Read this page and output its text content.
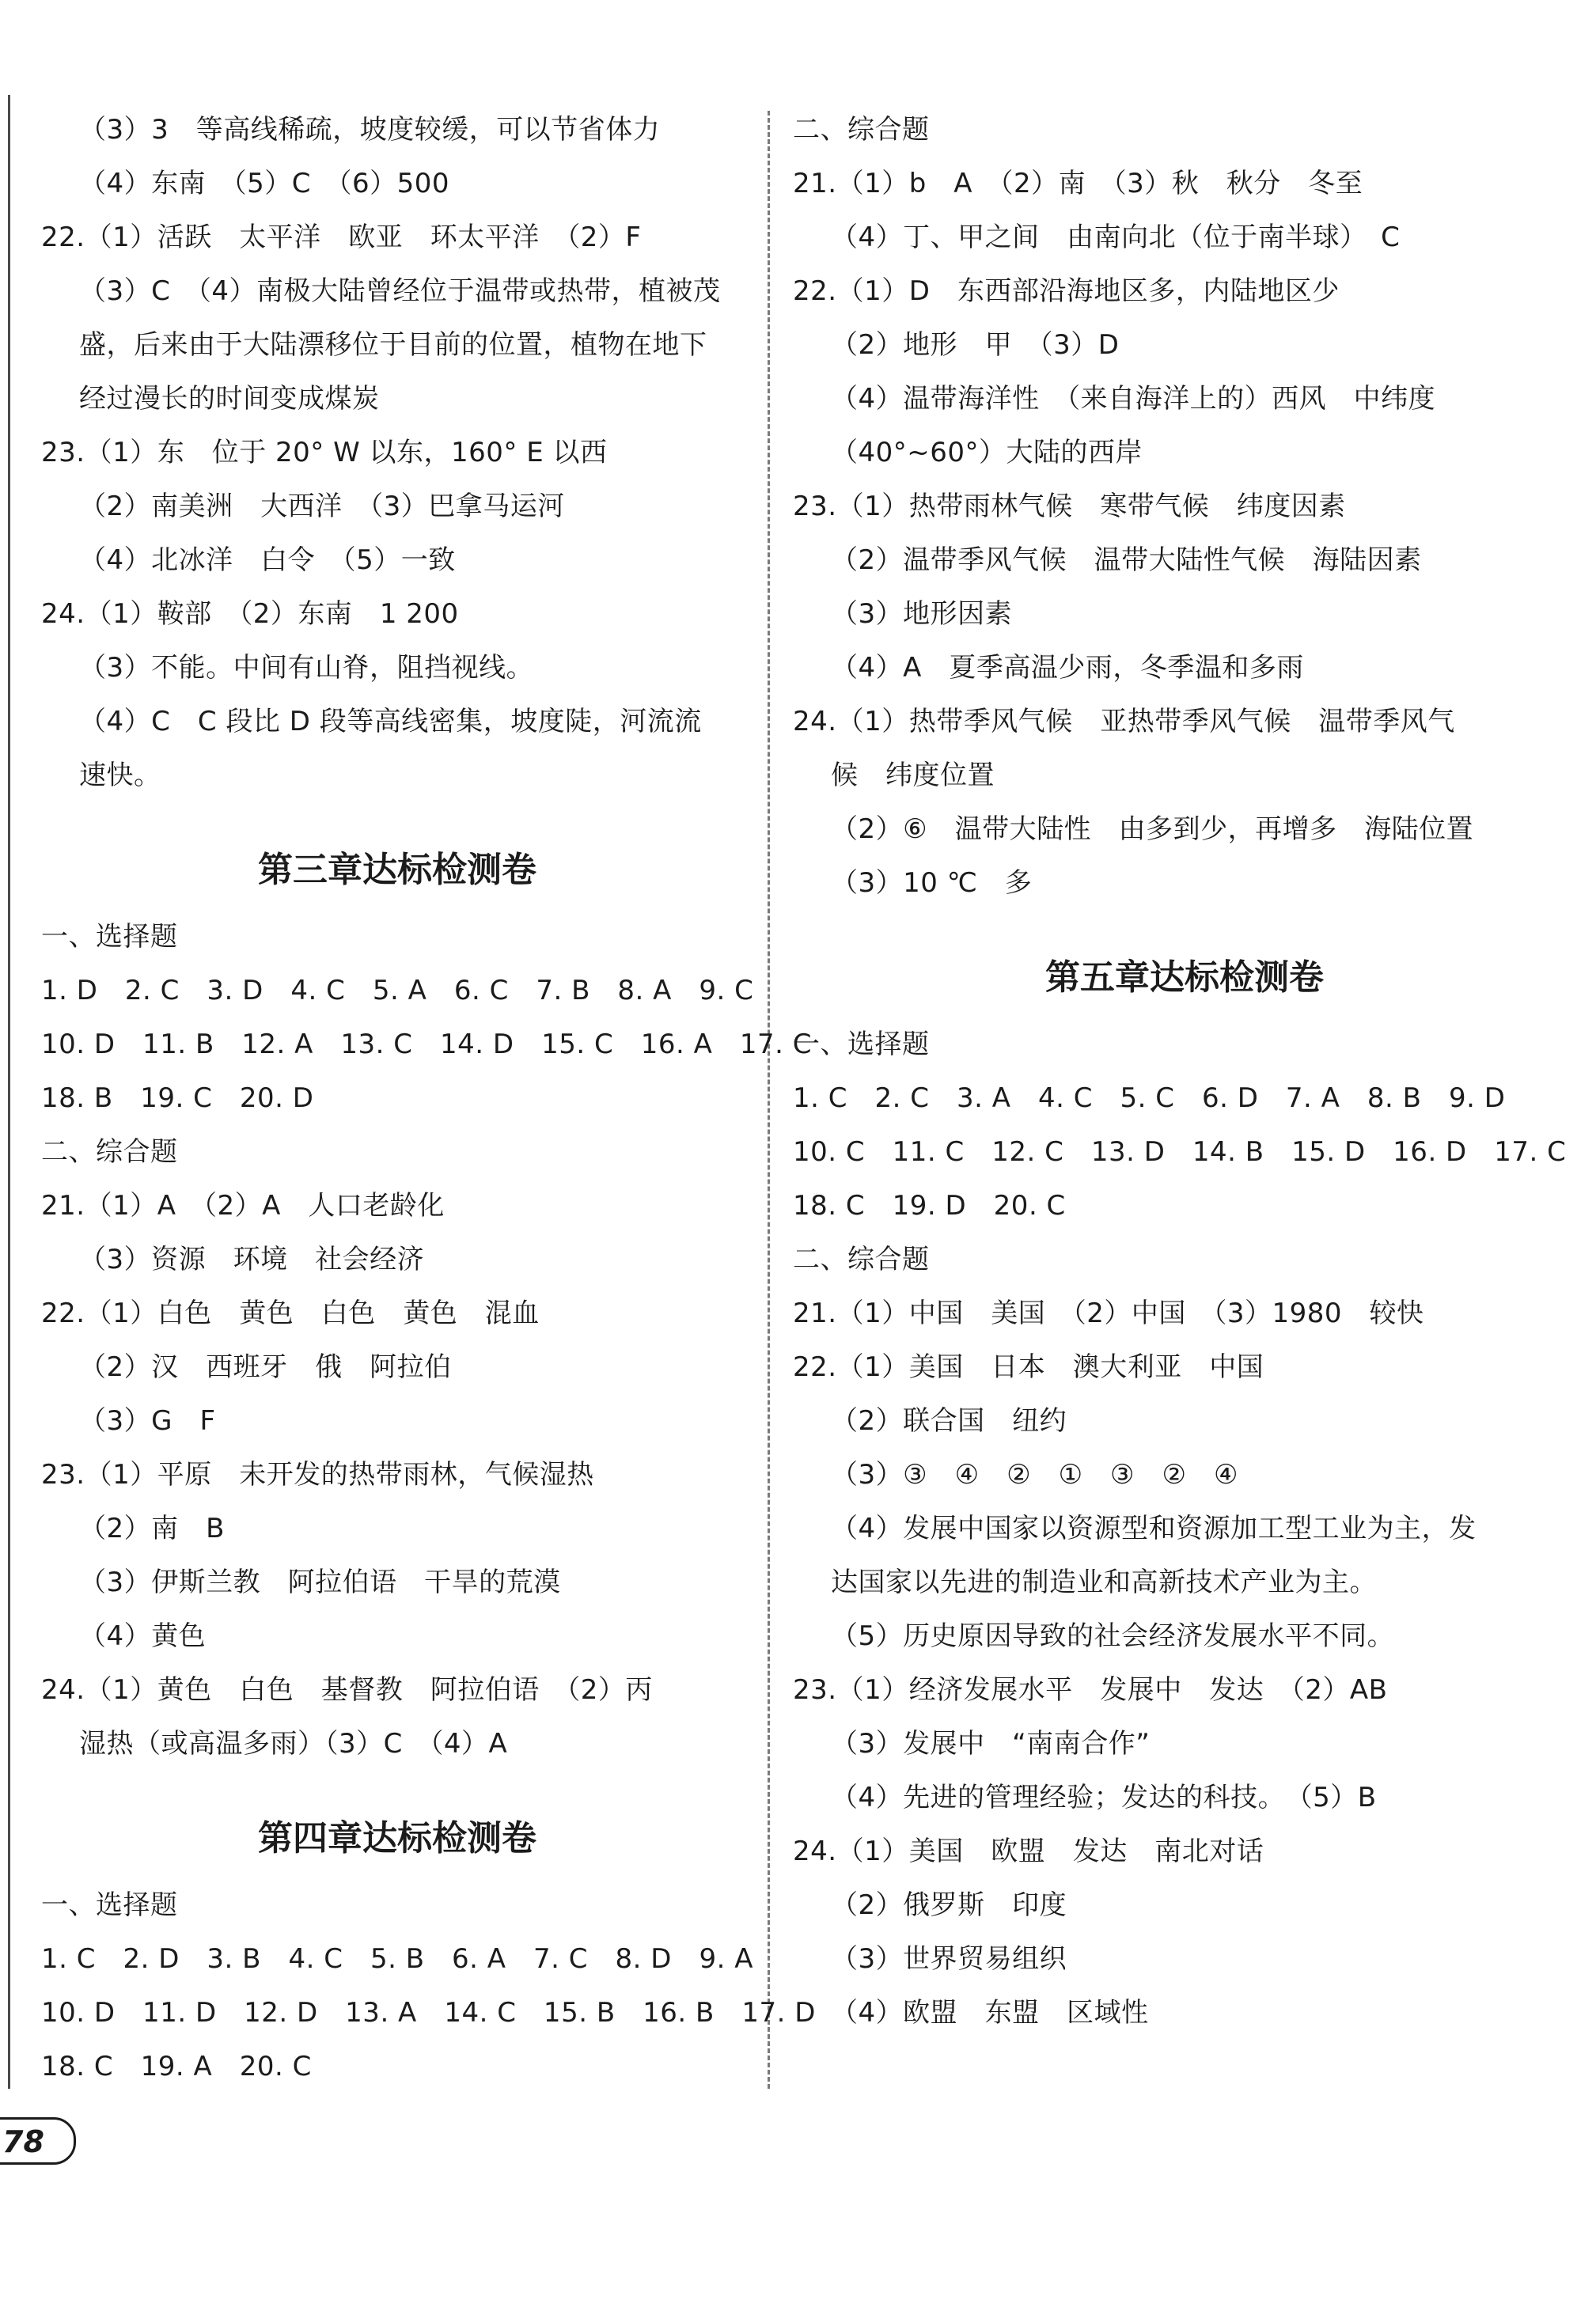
（3）3　等高线稀疏，坡度较缓，可以节省体力
（4）东南　（5）C　（6）500
22.（1）活跃　太平洋　欧亚　环太平洋　（2）F
（3）C　（4）南极大陆曾经位于温带或热带，植被茂
盛，后来由于大陆漂移位于目前的位置，植物在地下
经过漫长的时间变成煤炭
23.（1）东　位于 20° W 以东，160° E 以西
（2）南美洲　大西洋　（3）巴拿马运河
（4）北冰洋　白令　（5）一致
24.（1）鞍部　（2）东南　1 200
（3）不能。中间有山脊，阻挡视线。
（4）C　C 段比 D 段等高线密集，坡度陡，河流流
速快。
第三章达标检测卷
一、选择题
1. D　2. C　3. D　4. C　5. A　6. C　7. B　8. A　9. C
10. D　11. B　12. A　13. C　14. D　15. C　16. A　17. C
18. B　19. C　20. D
二、综合题
21.（1）A　（2）A　人口老龄化
（3）资源　环境　社会经济
22.（1）白色　黄色　白色　黄色　混血
（2）汉　西班牙　俄　阿拉伯
（3）G　F
23.（1）平原　未开发的热带雨林，气候湿热
（2）南　B
（3）伊斯兰教　阿拉伯语　干旱的荒漠
（4）黄色
24.（1）黄色　白色　基督教　阿拉伯语　（2）丙
湿热（或高温多雨）（3）C　（4）A
第四章达标检测卷
一、选择题
1. C　2. D　3. B　4. C　5. B　6. A　7. C　8. D　9. A
10. D　11. D　12. D　13. A　14. C　15. B　16. B　17. D
18. C　19. A　20. C
二、综合题
21.（1）b　A　（2）南　（3）秋　秋分　冬至
（4）丁、甲之间　由南向北（位于南半球）　C
22.（1）D　东西部沿海地区多，内陆地区少
（2）地形　甲　（3）D
（4）温带海洋性　（来自海洋上的）西风　中纬度
（40°~60°）大陆的西岸
23.（1）热带雨林气候　寒带气候　纬度因素
（2）温带季风气候　温带大陆性气候　海陆因素
（3）地形因素
（4）A　夏季高温少雨，冬季温和多雨
24.（1）热带季风气候　亚热带季风气候　温带季风气
候　纬度位置
（2）⑥　温带大陆性　由多到少，再增多　海陆位置
（3）10 ℃　多
第五章达标检测卷
一、选择题
1. C　2. C　3. A　4. C　5. C　6. D　7. A　8. B　9. D
10. C　11. C　12. C　13. D　14. B　15. D　16. D　17. C
18. C　19. D　20. C
二、综合题
21.（1）中国　美国　（2）中国　（3）1980　较快
22.（1）美国　日本　澳大利亚　中国
（2）联合国　纽约
（3）③　④　②　①　③　②　④
（4）发展中国家以资源型和资源加工型工业为主，发
达国家以先进的制造业和高新技术产业为主。
（5）历史原因导致的社会经济发展水平不同。
23.（1）经济发展水平　发展中　发达　（2）AB
（3）发展中　“南南合作”
（4）先进的管理经验；发达的科技。　（5）B
24.（1）美国　欧盟　发达　南北对话
（2）俄罗斯　印度
（3）世界贸易组织
（4）欧盟　东盟　区域性
78
